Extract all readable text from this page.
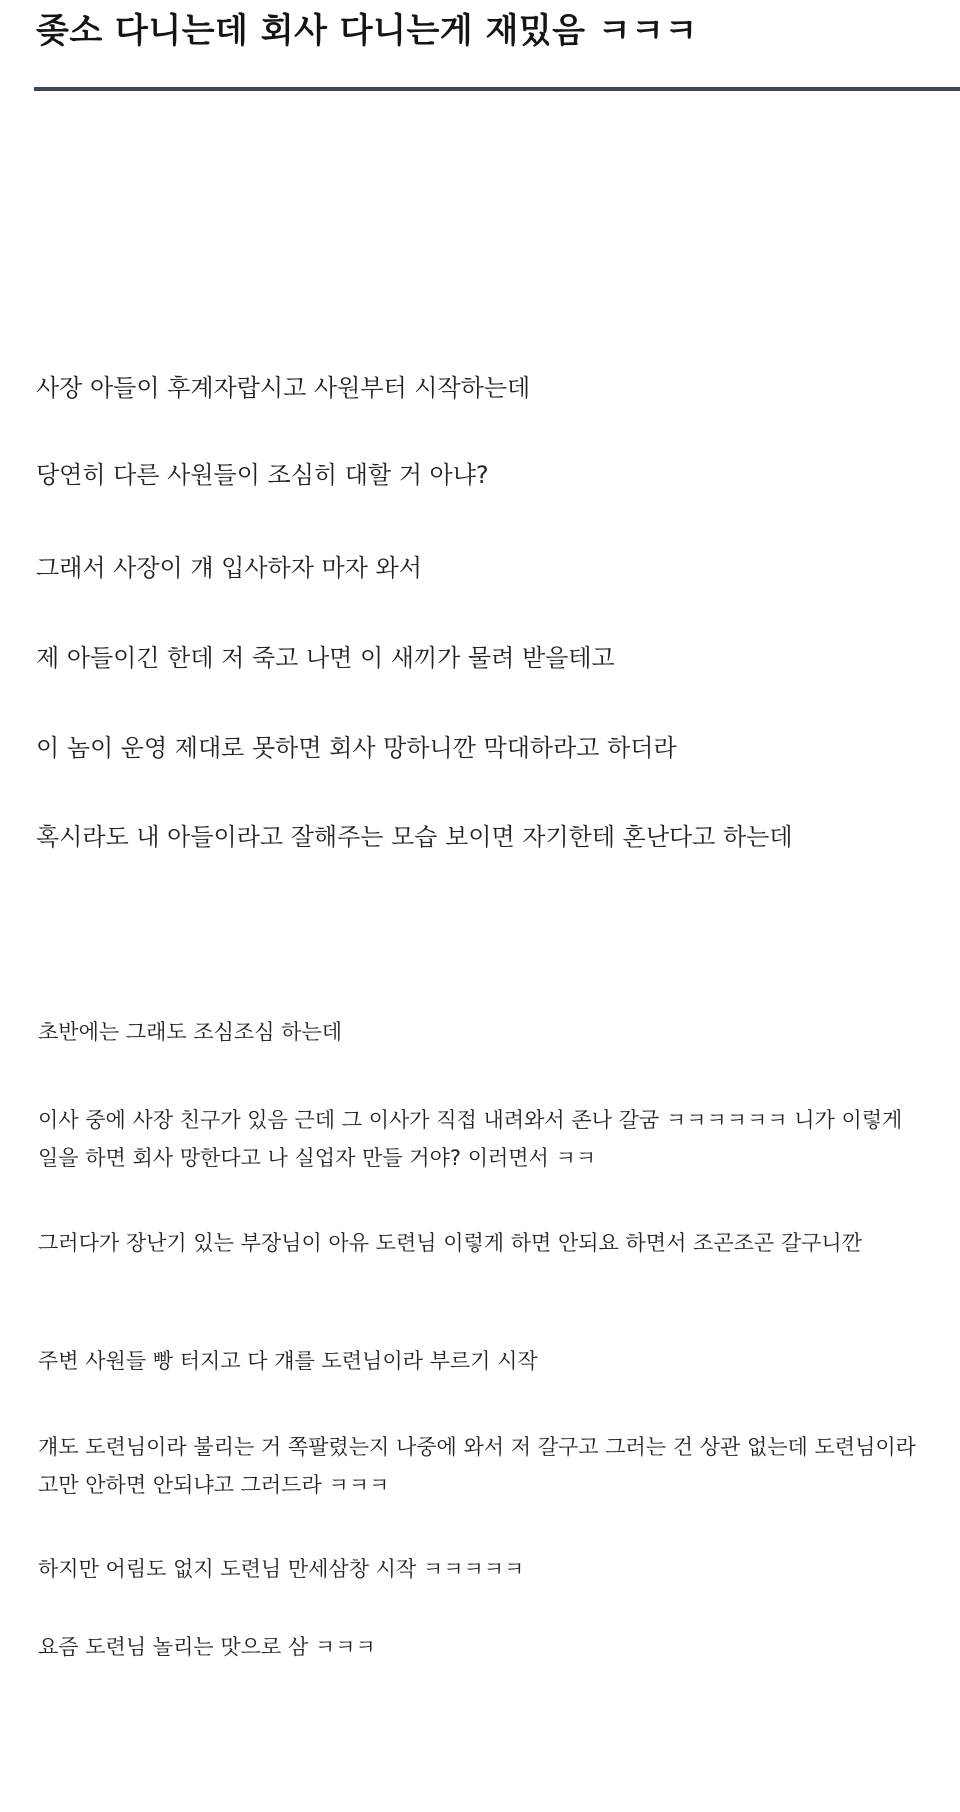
좆소 다니는데 회사 다니는게 재밌음 ㅋㅋㅋ

사장 아들이 후계자랍시고 사원부터 시작하는데

당연히 다른 사원들이 조심히 대할 거 아냐?

그래서 사장이 걔 입사하자 마자 와서

제 아들이긴 한데 저 죽고 나면 이 새끼가 물려 받을테고

이 놈이 운영 제대로 못하면 회사 망하니깐 막대하라고 하더라

혹시라도 내 아들이라고 잘해주는 모습 보이면 자기한테 혼난다고 하는데

초반에는 그래도 조심조심 하는데

이사 중에 사장 친구가 있음 근데 그 이사가 직접 내려와서 존나 갈굼 ㅋㅋㅋㅋㅋㅋ 니가 이렇게 일을 하면 회사 망한다고 나 실업자 만들 거야? 이러면서 ㅋㅋ

그러다가 장난기 있는 부장님이 아유 도련님 이렇게 하면 안되요 하면서 조곤조곤 갈구니깐

주변 사원들 빵 터지고 다 걔를 도련님이라 부르기 시작

걔도 도련님이라 불리는 거 쪽팔렸는지 나중에 와서 저 갈구고 그러는 건 상관 없는데 도련님이라고만 안하면 안되냐고 그러드라 ㅋㅋㅋ

하지만 어림도 없지 도련님 만세삼창 시작 ㅋㅋㅋㅋㅋ

요즘 도련님 놀리는 맛으로 삼 ㅋㅋㅋ
